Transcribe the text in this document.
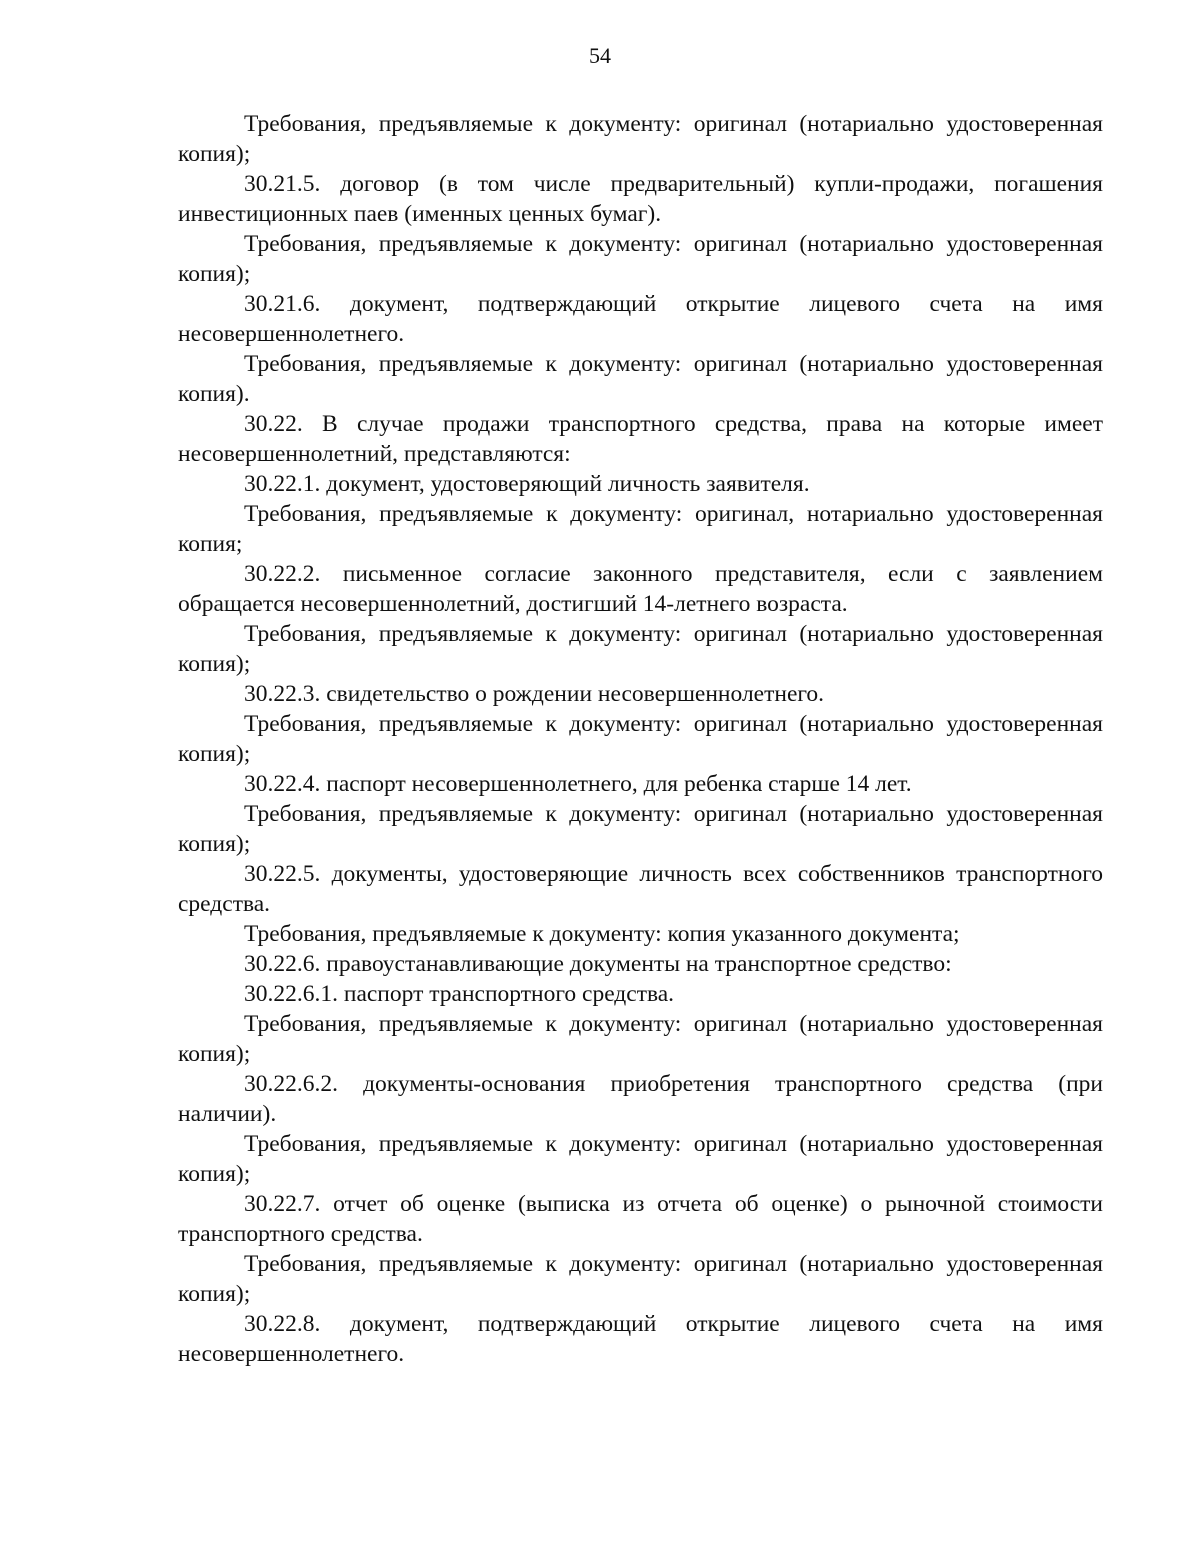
54

Требования, предъявляемые к документу: оригинал (нотариально удостоверенная копия);

30.21.5. договор (в том числе предварительный) купли-продажи, погашения инвестиционных паев (именных ценных бумаг).

Требования, предъявляемые к документу: оригинал (нотариально удостоверенная копия);

30.21.6. документ, подтверждающий открытие лицевого счета на имя несовершеннолетнего.

Требования, предъявляемые к документу: оригинал (нотариально удостоверенная копия).

30.22. В случае продажи транспортного средства, права на которые имеет несовершеннолетний, представляются:

30.22.1. документ, удостоверяющий личность заявителя.

Требования, предъявляемые к документу: оригинал, нотариально удостоверенная копия;

30.22.2. письменное согласие законного представителя, если с заявлением обращается несовершеннолетний, достигший 14-летнего возраста.

Требования, предъявляемые к документу: оригинал (нотариально удостоверенная копия);

30.22.3. свидетельство о рождении несовершеннолетнего.

Требования, предъявляемые к документу: оригинал (нотариально удостоверенная копия);

30.22.4. паспорт несовершеннолетнего, для ребенка старше 14 лет.

Требования, предъявляемые к документу: оригинал (нотариально удостоверенная копия);

30.22.5. документы, удостоверяющие личность всех собственников транспортного средства.

Требования, предъявляемые к документу: копия указанного документа;

30.22.6. правоустанавливающие документы на транспортное средство:

30.22.6.1. паспорт транспортного средства.

Требования, предъявляемые к документу: оригинал (нотариально удостоверенная копия);

30.22.6.2. документы-основания приобретения транспортного средства (при наличии).

Требования, предъявляемые к документу: оригинал (нотариально удостоверенная копия);

30.22.7. отчет об оценке (выписка из отчета об оценке) о рыночной стоимости транспортного средства.

Требования, предъявляемые к документу: оригинал (нотариально удостоверенная копия);

30.22.8. документ, подтверждающий открытие лицевого счета на имя несовершеннолетнего.
